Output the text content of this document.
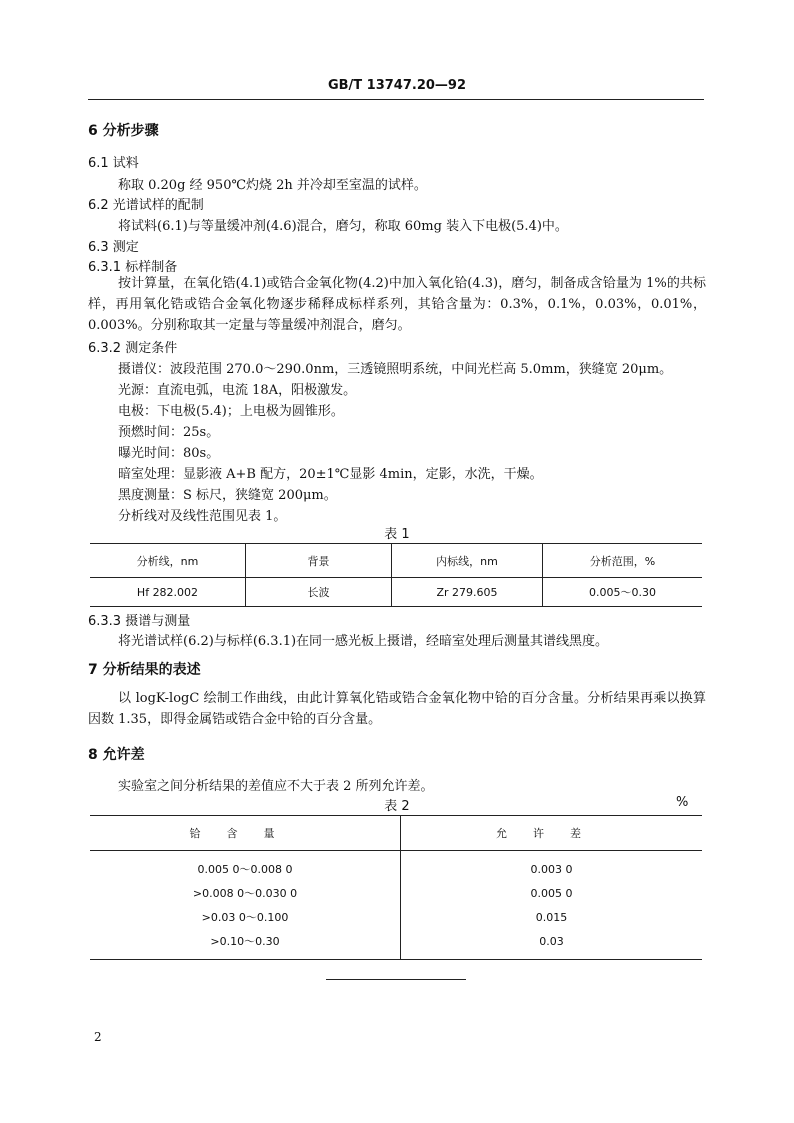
GB/T 13747.20—92
6 分析步骤
6.1 试料
称取 0.20g 经 950℃灼烧 2h 并冷却至室温的试样。
6.2 光谱试样的配制
将试料(6.1)与等量缓冲剂(4.6)混合，磨匀，称取 60mg 装入下电极(5.4)中。
6.3 测定
6.3.1 标样制备
按计算量，在氧化锆(4.1)或锆合金氧化物(4.2)中加入氧化铪(4.3)，磨匀，制备成含铪量为 1%的共标样，再用氧化锆或锆合金氧化物逐步稀释成标样系列，其铪含量为：0.3%，0.1%，0.03%，0.01%，0.003%。分别称取其一定量与等量缓冲剂混合，磨匀。
6.3.2 测定条件
摄谱仪：波段范围 270.0～290.0nm，三透镜照明系统，中间光栏高 5.0mm，狭缝宽 20μm。
光源：直流电弧，电流 18A，阳极激发。
电极：下电极(5.4)；上电极为圆锥形。
预燃时间：25s。
曝光时间：80s。
暗室处理：显影液 A+B 配方，20±1℃显影 4min，定影，水洗，干燥。
黑度测量：S 标尺，狭缝宽 200μm。
分析线对及线性范围见表 1。
表 1
分析线，nm	背景	内标线，nm	分析范围，%
Hf 282.002	长波	Zr 279.605	0.005～0.30
6.3.3 摄谱与测量
将光谱试样(6.2)与标样(6.3.1)在同一感光板上摄谱，经暗室处理后测量其谱线黑度。
7 分析结果的表述
以 logK-logC 绘制工作曲线，由此计算氧化锆或锆合金氧化物中铪的百分含量。分析结果再乘以换算因数 1.35，即得金属锆或锆合金中铪的百分含量。
8 允许差
实验室之间分析结果的差值应不大于表 2 所列允许差。
表 2	%
铪含量	允许差
0.005 0～0.008 0	0.003 0
>0.008 0～0.030 0	0.005 0
>0.03 0～0.100	0.015
>0.10～0.30	0.03
2
